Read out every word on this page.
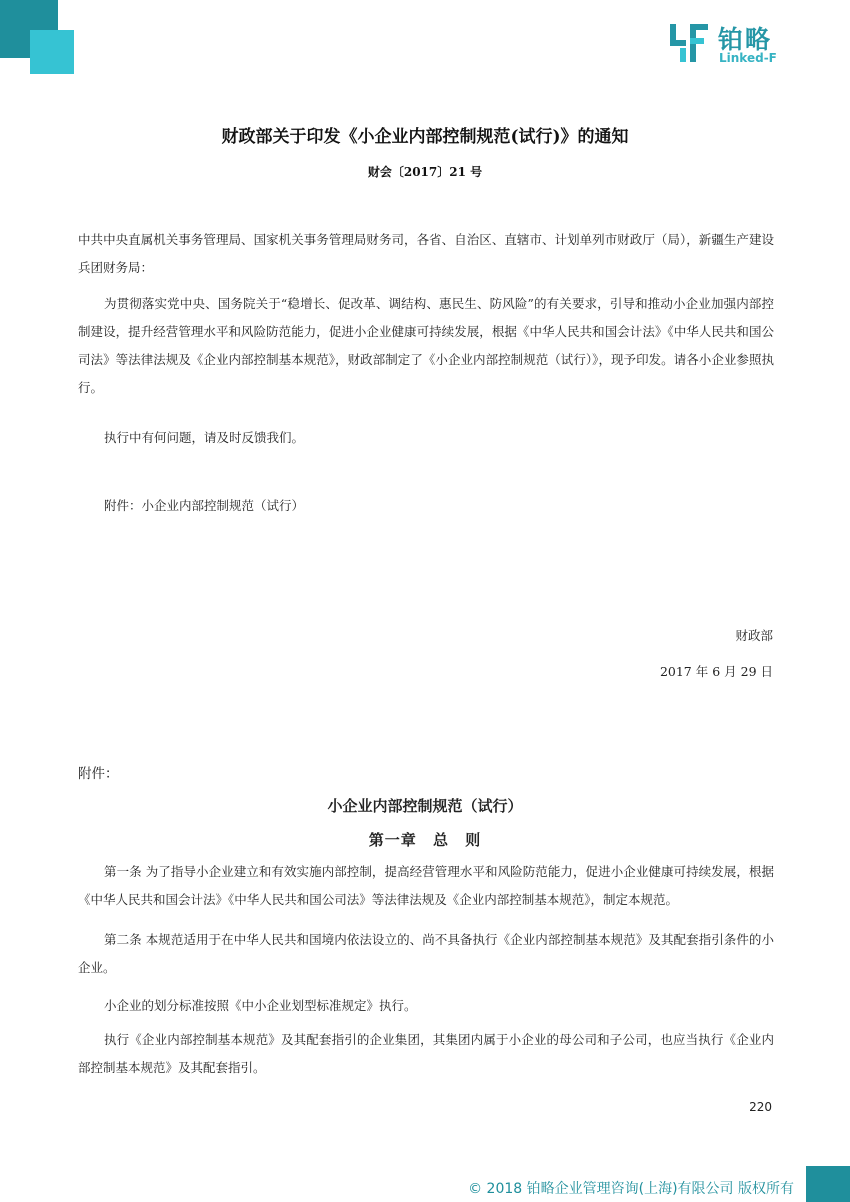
铂略
Linked-F
财政部关于印发《小企业内部控制规范(试行)》的通知
财会〔2017〕21 号

中共中央直属机关事务管理局、国家机关事务管理局财务司，各省、自治区、直辖市、计划单列市财政厅（局），新疆生产建设兵团财务局：

为贯彻落实党中央、国务院关于“稳增长、促改革、调结构、惠民生、防风险”的有关要求，引导和推动小企业加强内部控制建设，提升经营管理水平和风险防范能力，促进小企业健康可持续发展，根据《中华人民共和国会计法》《中华人民共和国公司法》等法律法规及《企业内部控制基本规范》，财政部制定了《小企业内部控制规范（试行）》，现予印发。请各小企业参照执行。

执行中有何问题，请及时反馈我们。

附件：小企业内部控制规范（试行）

财政部
2017 年 6 月 29 日
附件：
小企业内部控制规范（试行）
第一章 总 则

第一条 为了指导小企业建立和有效实施内部控制，提高经营管理水平和风险防范能力，促进小企业健康可持续发展，根据《中华人民共和国会计法》《中华人民共和国公司法》等法律法规及《企业内部控制基本规范》，制定本规范。

第二条 本规范适用于在中华人民共和国境内依法设立的、尚不具备执行《企业内部控制基本规范》及其配套指引条件的小企业。

小企业的划分标准按照《中小企业划型标准规定》执行。

执行《企业内部控制基本规范》及其配套指引的企业集团，其集团内属于小企业的母公司和子公司，也应当执行《企业内部控制基本规范》及其配套指引。

220
© 2018 铂略企业管理咨询(上海)有限公司 版权所有
